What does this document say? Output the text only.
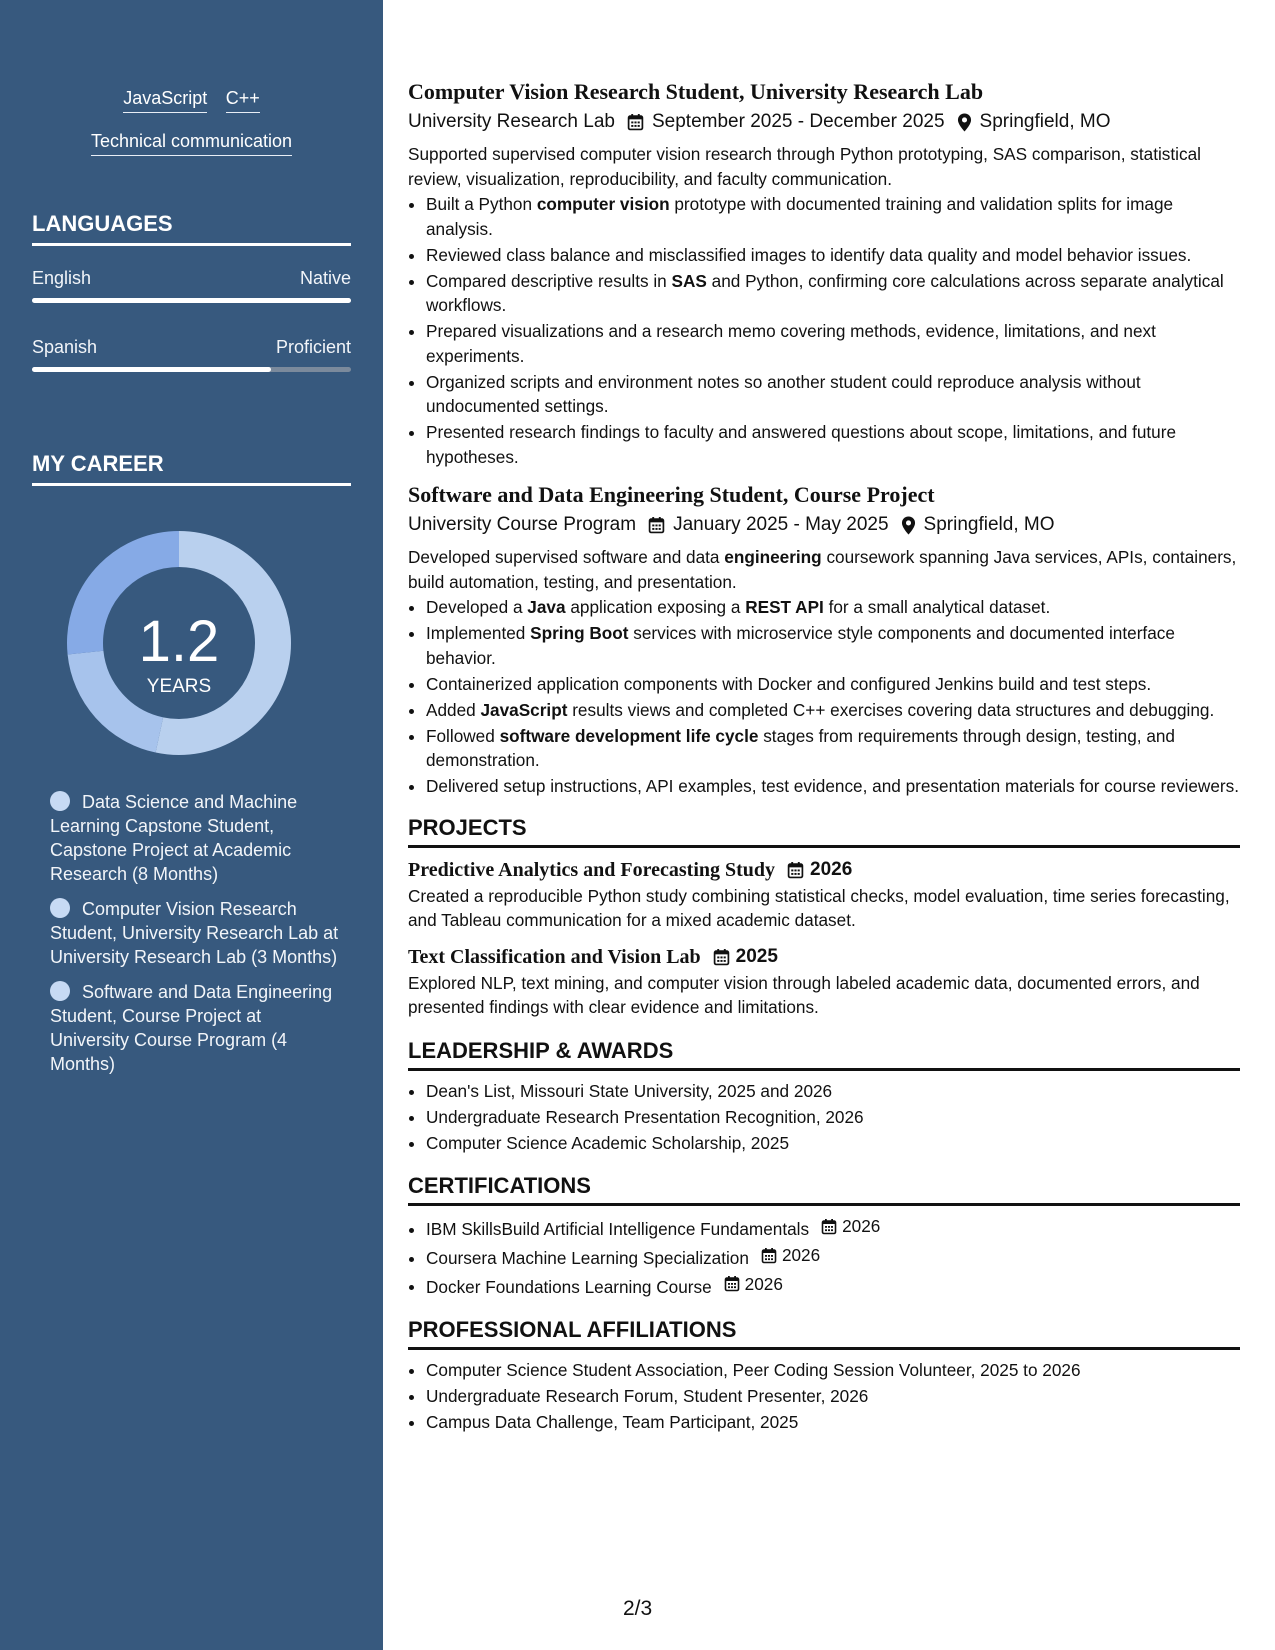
JavaScript C++
Technical communication
LANGUAGES
English	Native
Spanish	Proficient
MY CAREER
1.2
YEARS
Data Science and Machine Learning Capstone Student, Capstone Project at Academic Research (8 Months)
Computer Vision Research Student, University Research Lab at University Research Lab (3 Months)
Software and Data Engineering Student, Course Project at University Course Program (4 Months)
Computer Vision Research Student, University Research Lab
University Research Lab September 2025 - December 2025 Springfield, MO
Supported supervised computer vision research through Python prototyping, SAS comparison, statistical review, visualization, reproducibility, and faculty communication.
• Built a Python computer vision prototype with documented training and validation splits for image analysis.
• Reviewed class balance and misclassified images to identify data quality and model behavior issues.
• Compared descriptive results in SAS and Python, confirming core calculations across separate analytical workflows.
• Prepared visualizations and a research memo covering methods, evidence, limitations, and next experiments.
• Organized scripts and environment notes so another student could reproduce analysis without undocumented settings.
• Presented research findings to faculty and answered questions about scope, limitations, and future hypotheses.
Software and Data Engineering Student, Course Project
University Course Program January 2025 - May 2025 Springfield, MO
Developed supervised software and data engineering coursework spanning Java services, APIs, containers, build automation, testing, and presentation.
• Developed a Java application exposing a REST API for a small analytical dataset.
• Implemented Spring Boot services with microservice style components and documented interface behavior.
• Containerized application components with Docker and configured Jenkins build and test steps.
• Added JavaScript results views and completed C++ exercises covering data structures and debugging.
• Followed software development life cycle stages from requirements through design, testing, and demonstration.
• Delivered setup instructions, API examples, test evidence, and presentation materials for course reviewers.
PROJECTS
Predictive Analytics and Forecasting Study 2026
Created a reproducible Python study combining statistical checks, model evaluation, time series forecasting, and Tableau communication for a mixed academic dataset.
Text Classification and Vision Lab 2025
Explored NLP, text mining, and computer vision through labeled academic data, documented errors, and presented findings with clear evidence and limitations.
LEADERSHIP & AWARDS
• Dean's List, Missouri State University, 2025 and 2026
• Undergraduate Research Presentation Recognition, 2026
• Computer Science Academic Scholarship, 2025
CERTIFICATIONS
• IBM SkillsBuild Artificial Intelligence Fundamentals 2026
• Coursera Machine Learning Specialization 2026
• Docker Foundations Learning Course 2026
PROFESSIONAL AFFILIATIONS
• Computer Science Student Association, Peer Coding Session Volunteer, 2025 to 2026
• Undergraduate Research Forum, Student Presenter, 2026
• Campus Data Challenge, Team Participant, 2025
2/3
